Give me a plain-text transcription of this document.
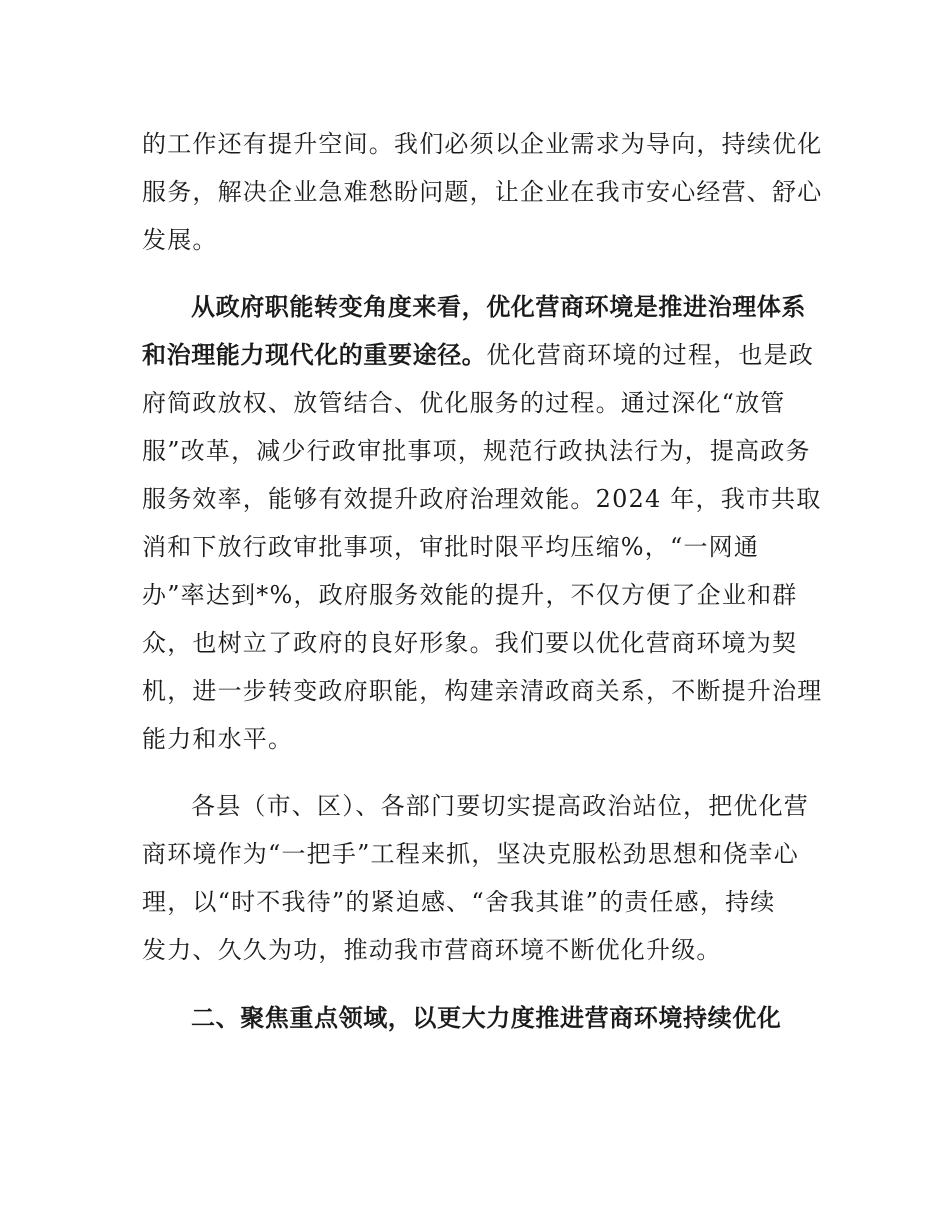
的工作还有提升空间。我们必须以企业需求为导向，持续优化
服务，解决企业急难愁盼问题，让企业在我市安心经营、舒心
发展。
从政府职能转变角度来看，优化营商环境是推进治理体系
和治理能力现代化的重要途径。优化营商环境的过程，也是政
府简政放权、放管结合、优化服务的过程。通过深化“放管
服”改革，减少行政审批事项，规范行政执法行为，提高政务
服务效率，能够有效提升政府治理效能。2024 年，我市共取
消和下放行政审批事项，审批时限平均压缩%，“一网通
办”率达到*%，政府服务效能的提升，不仅方便了企业和群
众，也树立了政府的良好形象。我们要以优化营商环境为契
机，进一步转变政府职能，构建亲清政商关系，不断提升治理
能力和水平。
各县（市、区）、各部门要切实提高政治站位，把优化营
商环境作为“一把手”工程来抓，坚决克服松劲思想和侥幸心
理，以“时不我待”的紧迫感、“舍我其谁”的责任感，持续
发力、久久为功，推动我市营商环境不断优化升级。
二、聚焦重点领域，以更大力度推进营商环境持续优化
